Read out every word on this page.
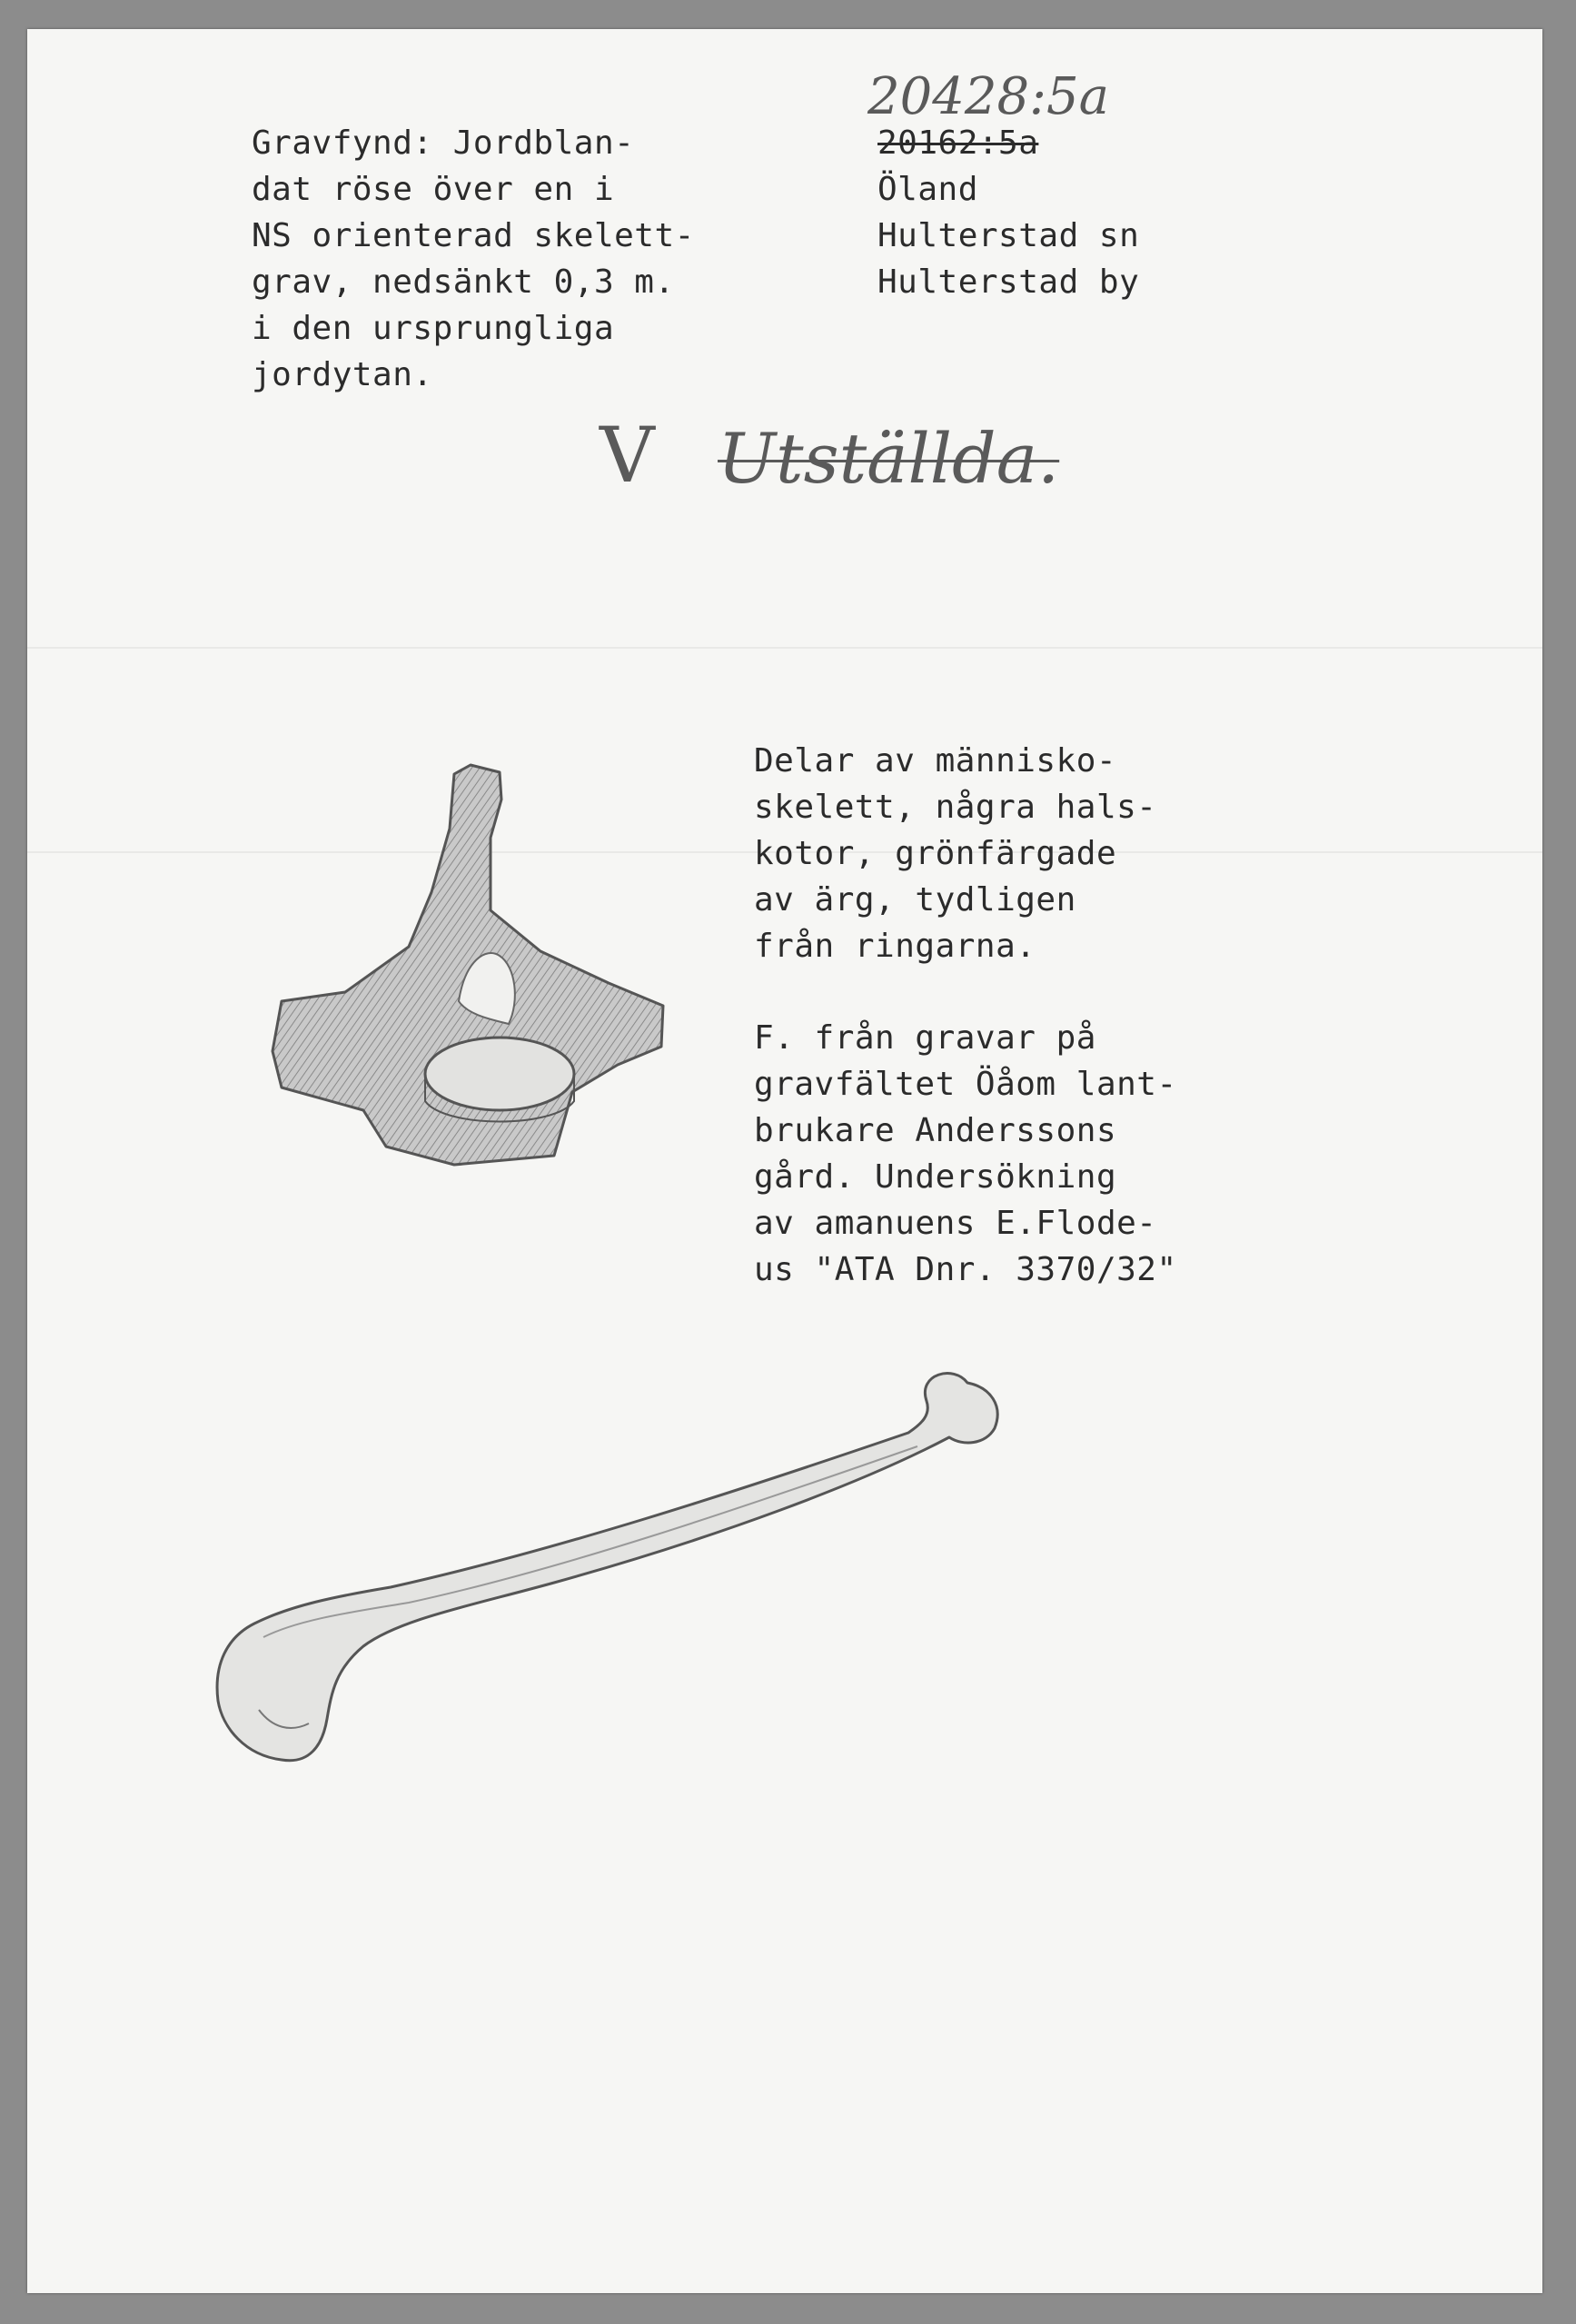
Gravfynd: Jordblan-
dat röse över en i
NS orienterad skelett-
grav, nedsänkt 0,3 m.
i den ursprungliga
jordytan.
20428:5a
20162:5a
Öland
Hulterstad sn
Hulterstad by
V Utställda.
Delar av människo-
skelett, några hals-
kotor, grönfärgade
av ärg, tydligen
från ringarna.
F. från gravar på
gravfältet Öåom lant-
brukare Anderssons
gård. Undersökning
av amanuens E.Flode-
us "ATA Dnr. 3370/32"
